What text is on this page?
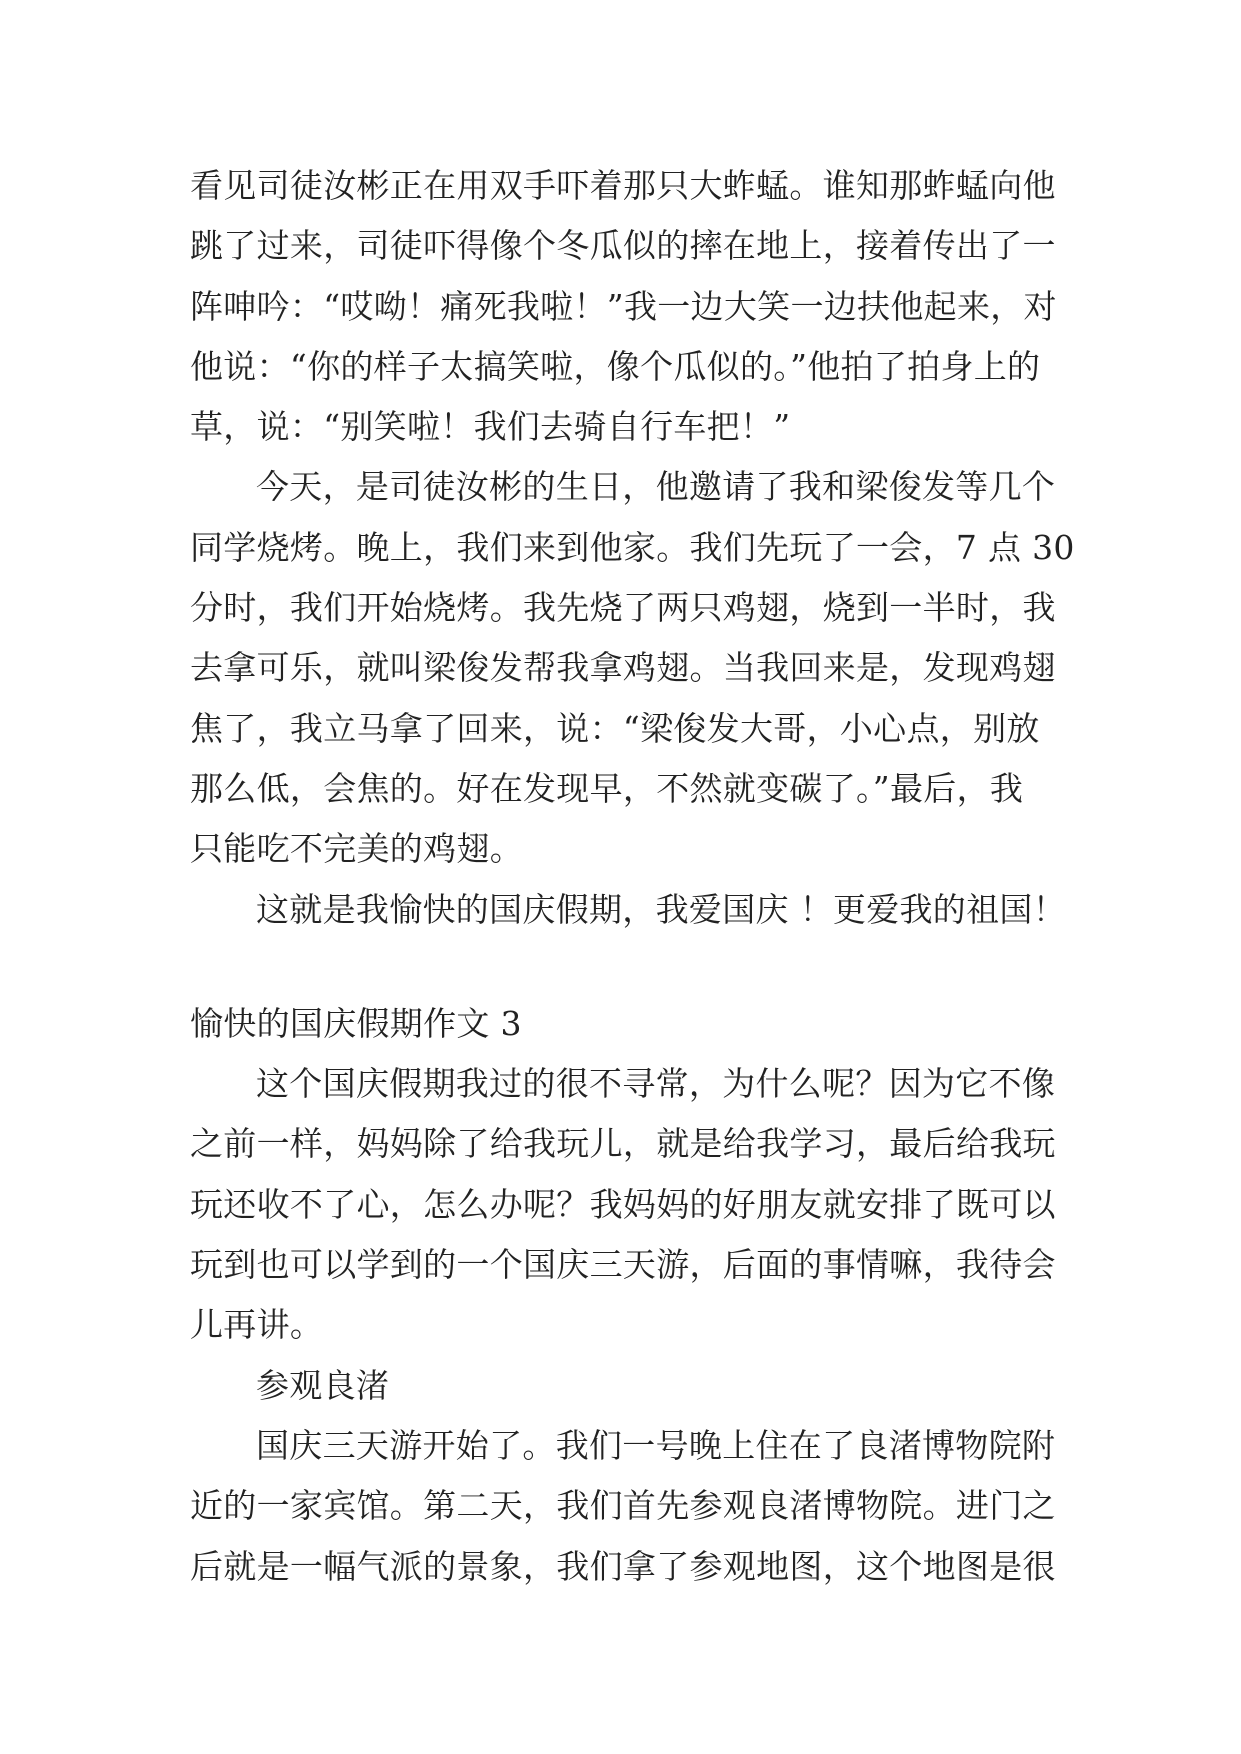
看见司徒汝彬正在用双手吓着那只大蚱蜢。谁知那蚱蜢向他
跳了过来，司徒吓得像个冬瓜似的摔在地上，接着传出了一
阵呻吟：“哎呦！痛死我啦！”我一边大笑一边扶他起来，对
他说：“你的样子太搞笑啦，像个瓜似的。”他拍了拍身上的
草，说：“别笑啦！我们去骑自行车把！”
今天，是司徒汝彬的生日，他邀请了我和梁俊发等几个
同学烧烤。晚上，我们来到他家。我们先玩了一会，7 点 30
分时，我们开始烧烤。我先烧了两只鸡翅，烧到一半时，我
去拿可乐，就叫梁俊发帮我拿鸡翅。当我回来是，发现鸡翅
焦了，我立马拿了回来，说：“梁俊发大哥，小心点，别放
那么低，会焦的。好在发现早，不然就变碳了。”最后，我
只能吃不完美的鸡翅。
这就是我愉快的国庆假期，我爱国庆 ！更爱我的祖国！
愉快的国庆假期作文 3
这个国庆假期我过的很不寻常，为什么呢？因为它不像
之前一样，妈妈除了给我玩儿，就是给我学习，最后给我玩
玩还收不了心，怎么办呢？我妈妈的好朋友就安排了既可以
玩到也可以学到的一个国庆三天游，后面的事情嘛，我待会
儿再讲。
参观良渚
国庆三天游开始了。我们一号晚上住在了良渚博物院附
近的一家宾馆。第二天，我们首先参观良渚博物院。进门之
后就是一幅气派的景象，我们拿了参观地图，这个地图是很
